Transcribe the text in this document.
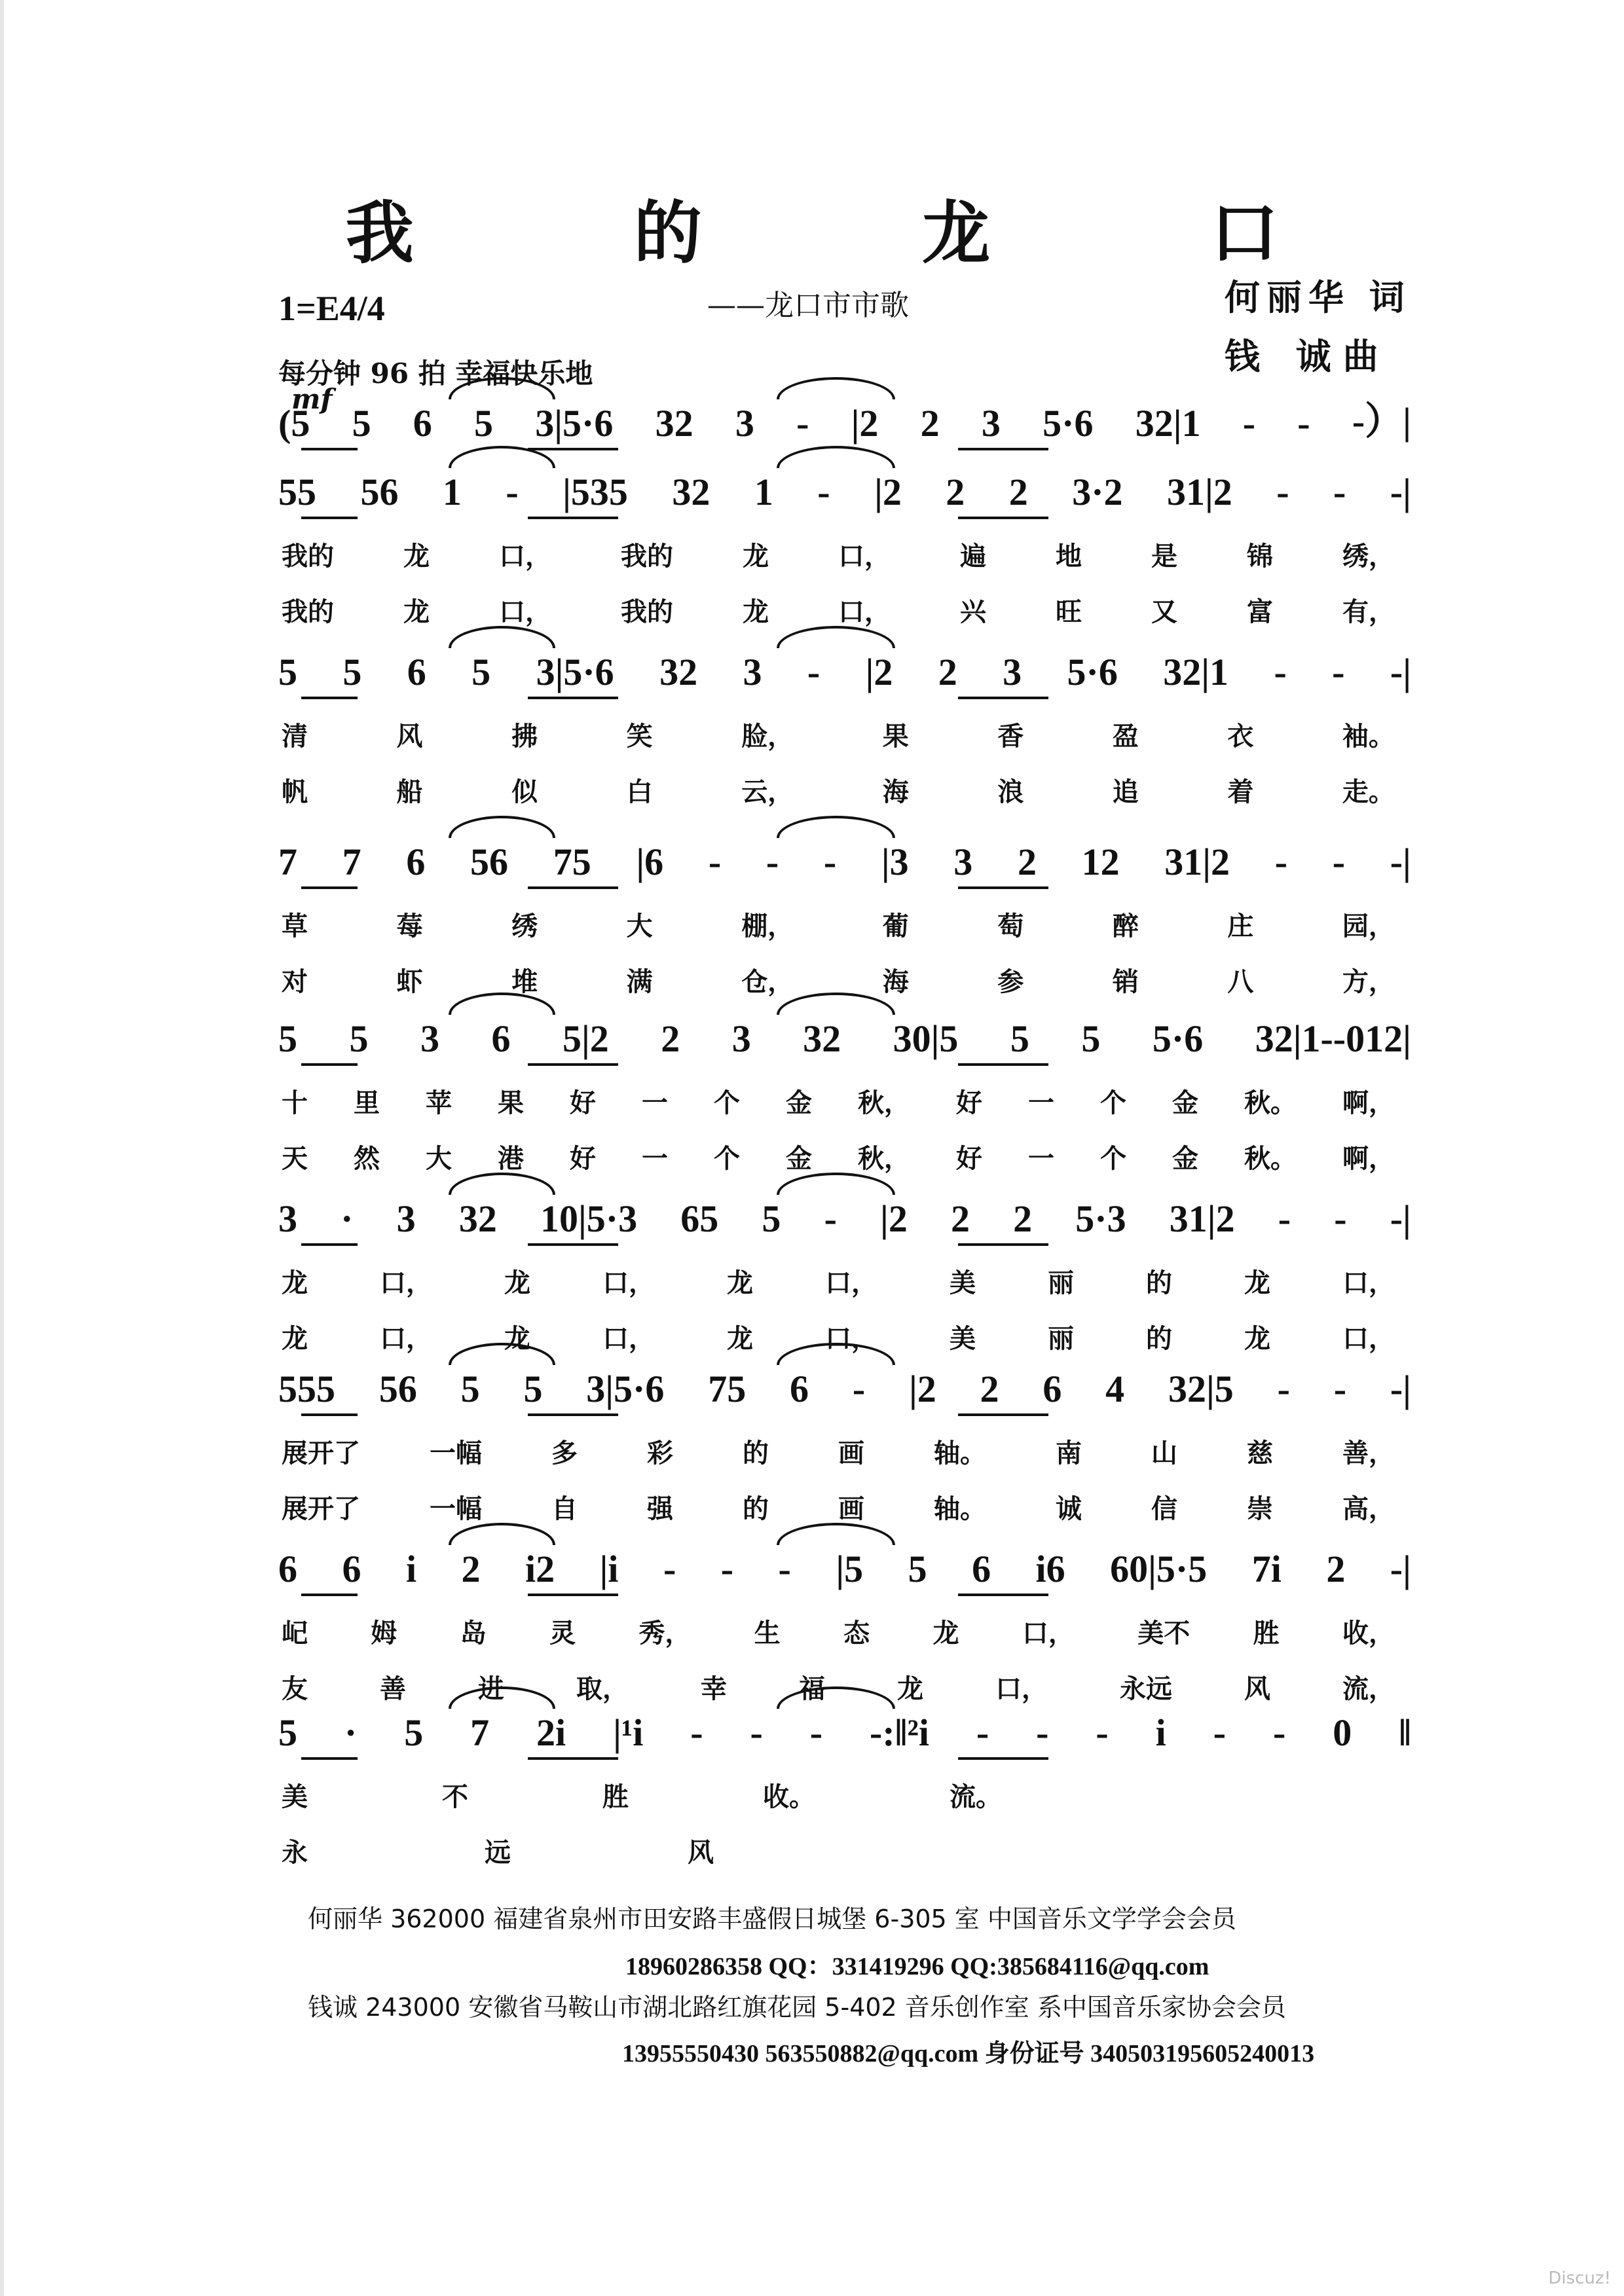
我 的 龙 口
1=E4/4	——龙口市市歌	何丽华 词
钱 诚曲
每分钟 96 拍 幸福快乐地
mf
(5 5 6 5 3|5·6 32 3 - |2 2 3 5·6 32|1 - - -）|
55 56 1 - |535 32 1 - |2 2 2 3·2 31|2 - - -|
我的	龙	口，	我的	龙	口，	遍	地	是	锦	绣，
我的	龙	口，	我的	龙	口，	兴	旺	又	富	有，
5 5 6 5 3|5·6 32 3 - |2 2 3 5·6 32|1 - - -|
清	风	拂	笑	脸，	果	香	盈	衣	袖。
帆	船	似	白	云，	海	浪	追	着	走。
7 7 6 56 75 |6 - - - |3 3 2 12 31|2 - - -|
草	莓	绣	大	棚，	葡	萄	醉	庄	园，
对	虾	堆	满	仓，	海	参	销	八	方，
5 5 3 6 5|2 2 3 32 30|5 5 5 5·6 32|1--012|
十 里 苹 果 好 一 个 金 秋， 好 一 个 金 秋。 啊，
天 然 大 港 好 一 个 金 秋， 好 一 个 金 秋。 啊，
3 · 3 32 10|5·3 65 5 - |2 2 2 5·3 31|2 - - -|
龙	口，	龙	口，	龙	口，	美	丽	的	龙	口，
龙	口，	龙	口，	龙	口，	美	丽	的	龙	口，
555 56 5 5 3|5·6 75 6 - |2 2 6 4 32|5 - - -|
展开了	一幅	多	彩	的	画	轴。	南	山	慈	善，
展开了	一幅	自	强	的	画	轴。	诚	信	崇	高，
6 6 i 2 i2 |i - - - |5 5 6 i6 60|5·5 7i 2 -|
屺 姆 岛 灵 秀， 生 态 龙 口， 美不 胜 收，
友	善	进	取，	幸	福	龙	口，	永远	风	流，
5 · 5 7 2i |¹i - - - -:‖²i - - - i - - 0 ‖
美	不	胜	收。	流。
永	远	风
何丽华 362000 福建省泉州市田安路丰盛假日城堡 6-305 室 中国音乐文学学会会员
18960286358 QQ：331419296 QQ:385684116@qq.com
钱诚 243000 安徽省马鞍山市湖北路红旗花园 5-402 音乐创作室 系中国音乐家协会会员
13955550430 563550882@qq.com 身份证号 340503195605240013
Discuz!
